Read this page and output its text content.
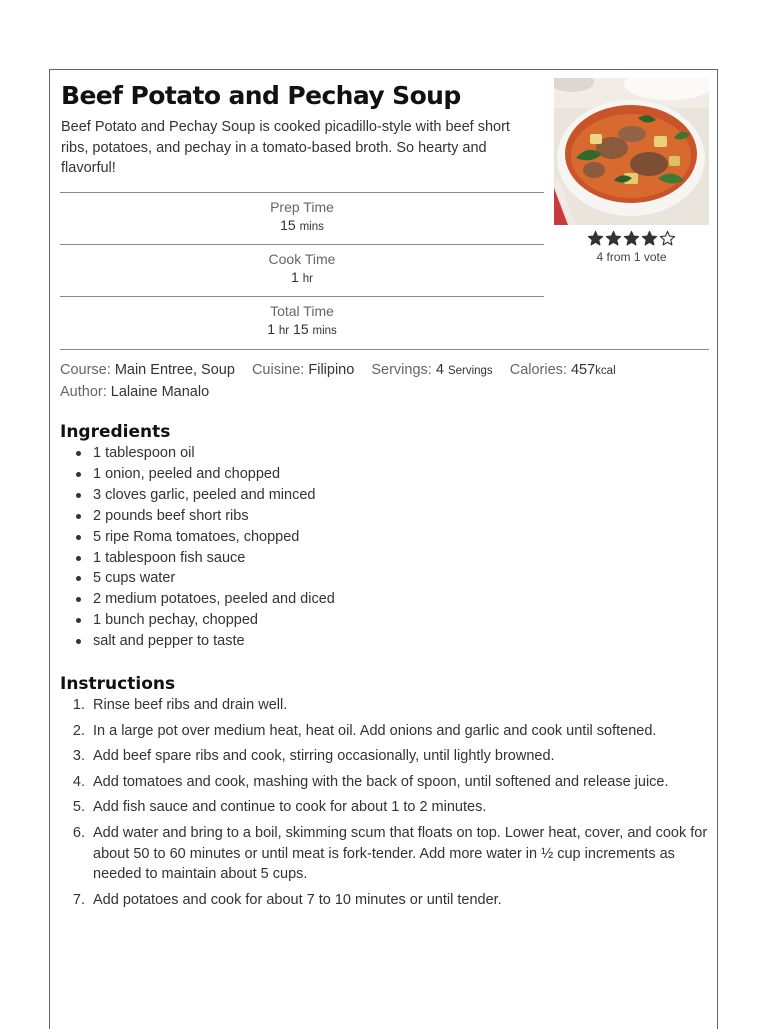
Beef Potato and Pechay Soup
Beef Potato and Pechay Soup is cooked picadillo-style with beef short ribs, potatoes, and pechay in a tomato-based broth. So hearty and flavorful!
4 from 1 vote
Prep Time
15 mins
Cook Time
1 hr
Total Time
1 hr 15 mins
Course: Main Entree, Soup Cuisine: Filipino Servings: 4 Servings Calories: 457kcal
Author: Lalaine Manalo
Ingredients
1 tablespoon oil
1 onion, peeled and chopped
3 cloves garlic, peeled and minced
2 pounds beef short ribs
5 ripe Roma tomatoes, chopped
1 tablespoon fish sauce
5 cups water
2 medium potatoes, peeled and diced
1 bunch pechay, chopped
salt and pepper to taste
Instructions
1. Rinse beef ribs and drain well.
2. In a large pot over medium heat, heat oil. Add onions and garlic and cook until softened.
3. Add beef spare ribs and cook, stirring occasionally, until lightly browned.
4. Add tomatoes and cook, mashing with the back of spoon, until softened and release juice.
5. Add fish sauce and continue to cook for about 1 to 2 minutes.
6. Add water and bring to a boil, skimming scum that floats on top. Lower heat, cover, and cook for about 50 to 60 minutes or until meat is fork-tender. Add more water in ½ cup increments as needed to maintain about 5 cups.
7. Add potatoes and cook for about 7 to 10 minutes or until tender.
